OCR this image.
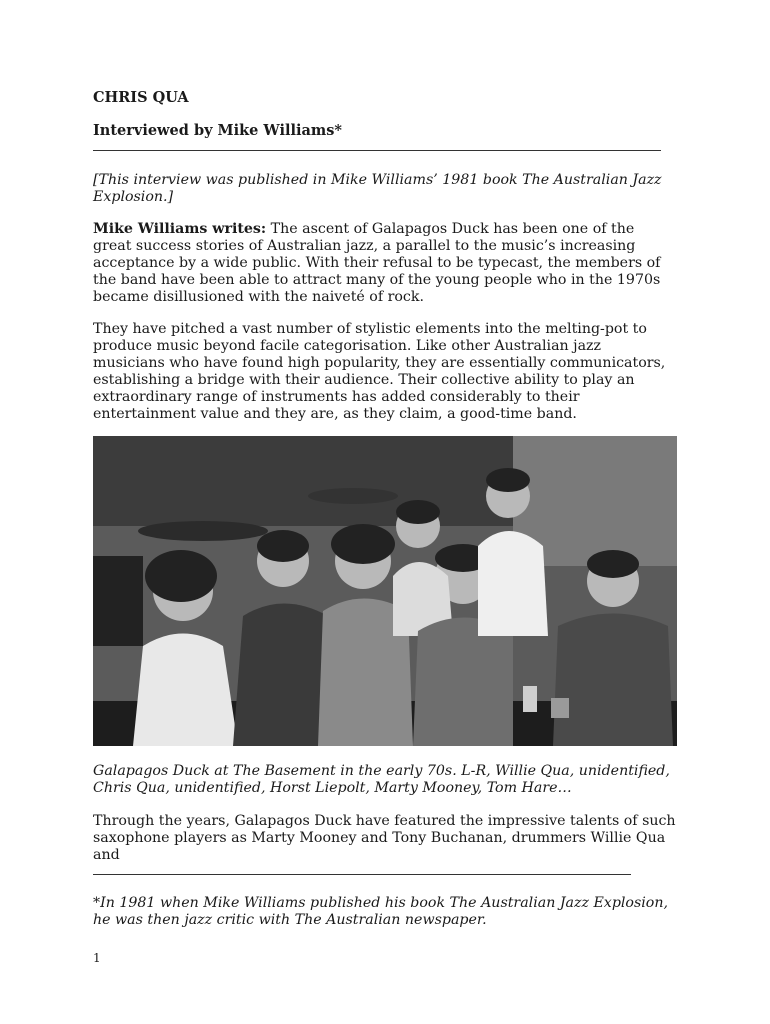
CHRIS QUA

Interviewed by Mike Williams*

[This interview was published in Mike Williams’ 1981 book The Australian Jazz Explosion.]

Mike Williams writes: The ascent of Galapagos Duck has been one of the great success stories of Australian jazz, a parallel to the music’s increasing acceptance by a wide public. With their refusal to be typecast, the members of the band have been able to attract many of the young people who in the 1970s became disillusioned with the naiveté of rock.

They have pitched a vast number of stylistic elements into the melting-pot to produce music beyond facile categorisation. Like other Australian jazz musicians who have found high popularity, they are essentially communicators, establishing a bridge with their audience. Their collective ability to play an extraordinary range of instruments has added considerably to their entertainment value and they are, as they claim, a good-time band.

Galapagos Duck at The Basement in the early 70s. L-R, Willie Qua, unidentified, Chris Qua, unidentified, Horst Liepolt, Marty Mooney, Tom Hare…

Through the years, Galapagos Duck have featured the impressive talents of such saxophone players as Marty Mooney and Tony Buchanan, drummers Willie Qua and

*In 1981 when Mike Williams published his book The Australian Jazz Explosion, he was then jazz critic with The Australian newspaper.

1
